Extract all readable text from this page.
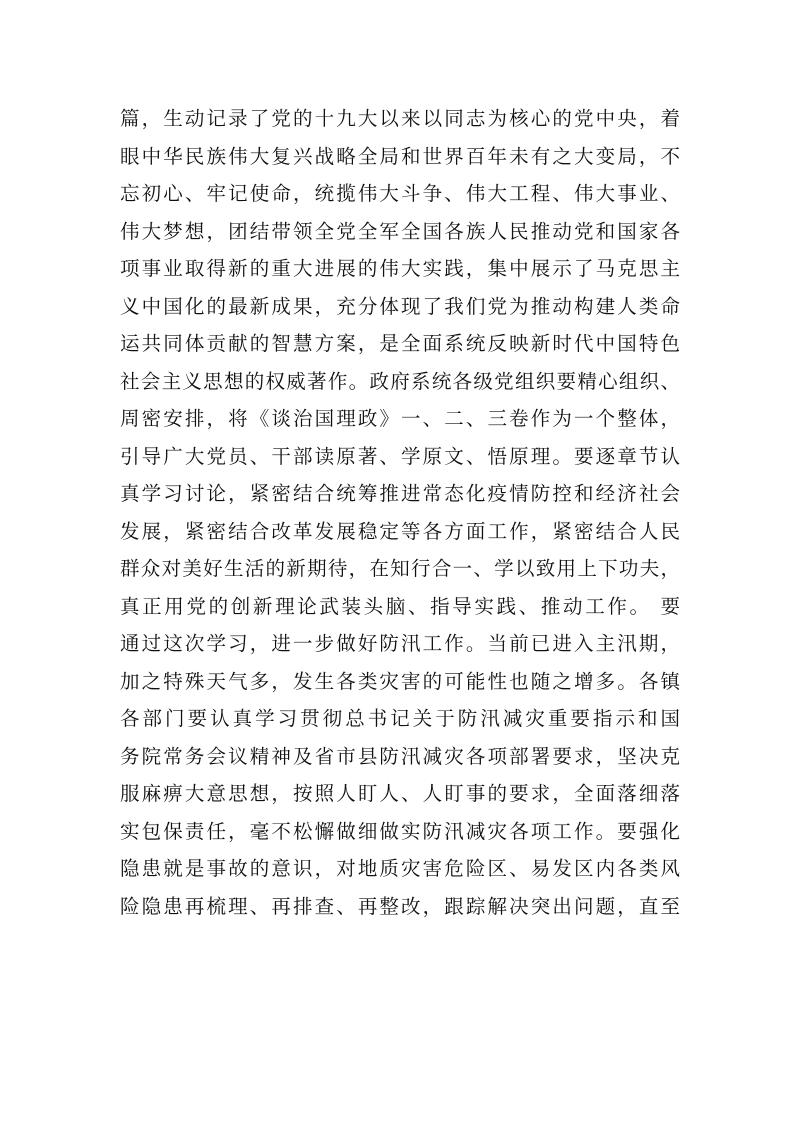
篇，生动记录了党的十九大以来以同志为核心的党中央，着
眼中华民族伟大复兴战略全局和世界百年未有之大变局，不
忘初心、牢记使命，统揽伟大斗争、伟大工程、伟大事业、
伟大梦想，团结带领全党全军全国各族人民推动党和国家各
项事业取得新的重大进展的伟大实践，集中展示了马克思主
义中国化的最新成果，充分体现了我们党为推动构建人类命
运共同体贡献的智慧方案，是全面系统反映新时代中国特色
社会主义思想的权威著作。政府系统各级党组织要精心组织、
周密安排，将《谈治国理政》一、二、三卷作为一个整体，
引导广大党员、干部读原著、学原文、悟原理。要逐章节认
真学习讨论，紧密结合统筹推进常态化疫情防控和经济社会
发展，紧密结合改革发展稳定等各方面工作，紧密结合人民
群众对美好生活的新期待，在知行合一、学以致用上下功夫，
真正用党的创新理论武装头脑、指导实践、推动工作。 要
通过这次学习，进一步做好防汛工作。当前已进入主汛期，
加之特殊天气多，发生各类灾害的可能性也随之增多。各镇
各部门要认真学习贯彻总书记关于防汛减灾重要指示和国
务院常务会议精神及省市县防汛减灾各项部署要求，坚决克
服麻痹大意思想，按照人盯人、人盯事的要求，全面落细落
实包保责任，毫不松懈做细做实防汛减灾各项工作。要强化
隐患就是事故的意识，对地质灾害危险区、易发区内各类风
险隐患再梳理、再排查、再整改，跟踪解决突出问题，直至
